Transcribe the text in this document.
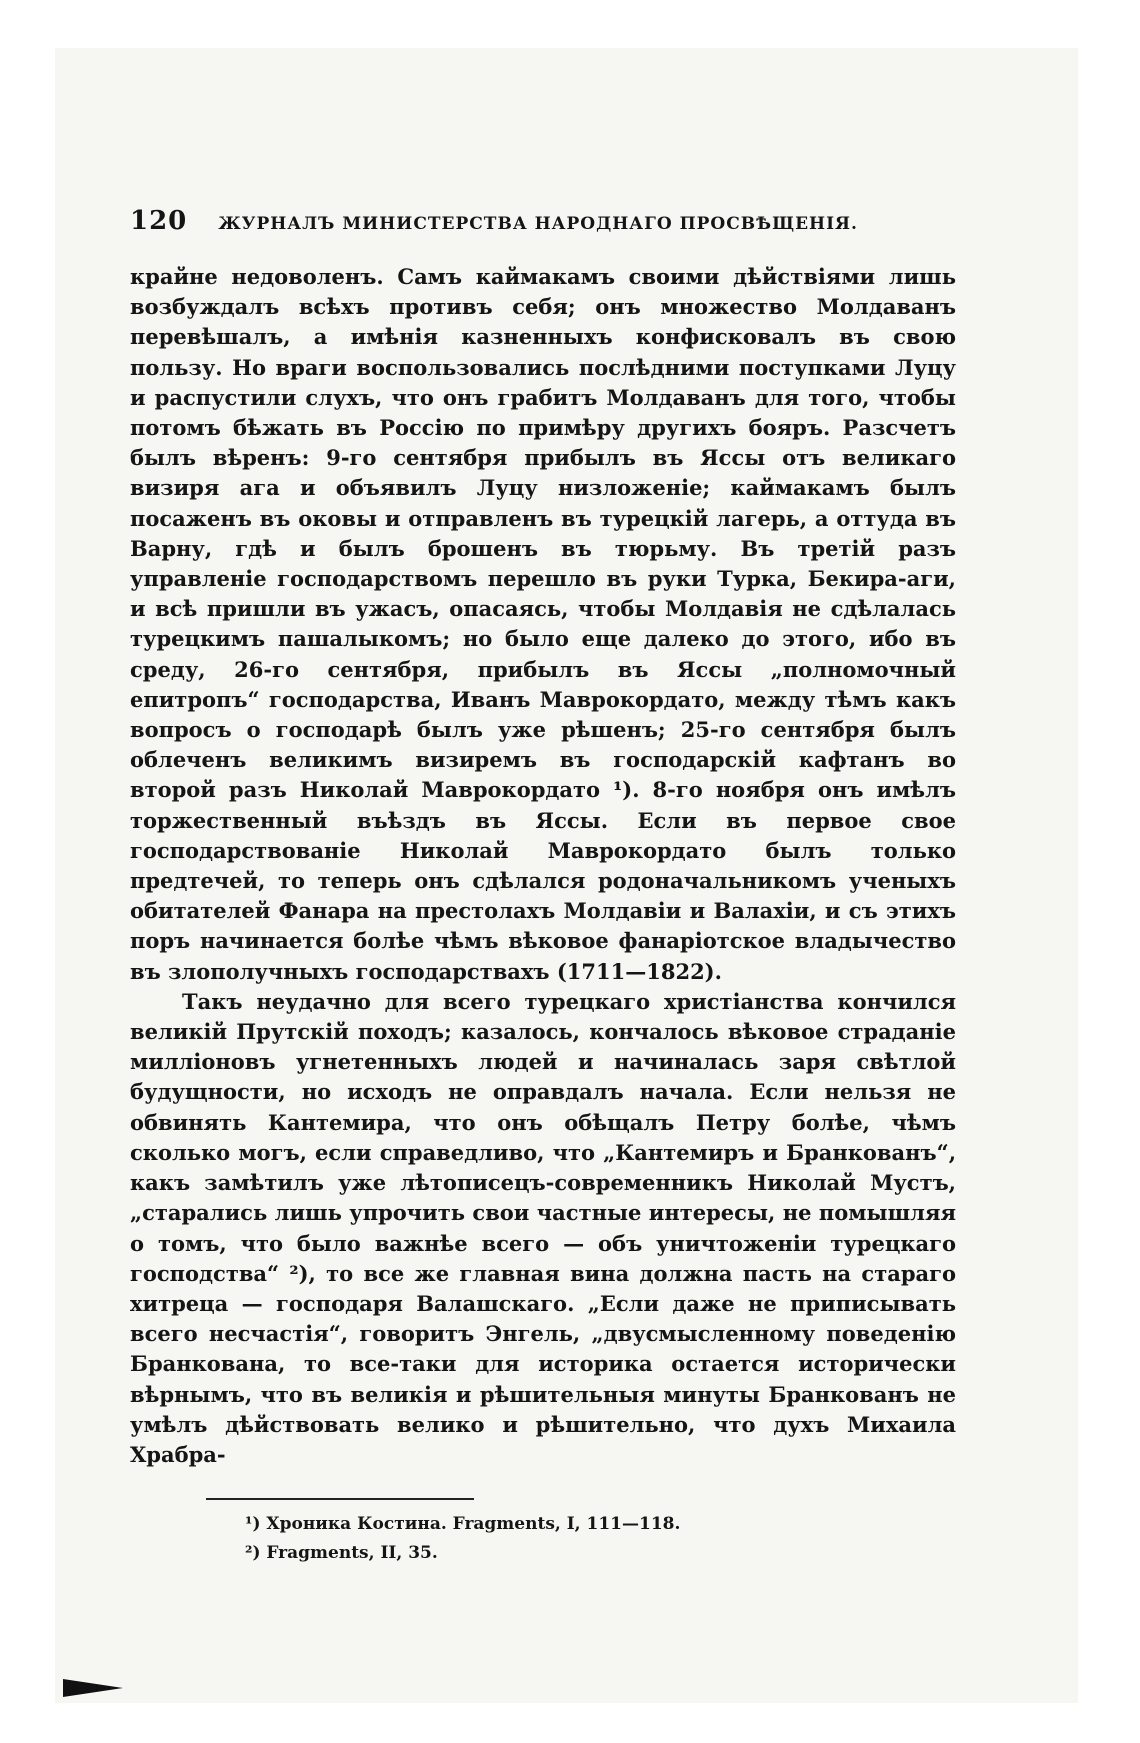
120 ЖУРНАЛЪ МИНИСТЕРСТВА НАРОДНАГО ПРОСВѢЩЕНІЯ.

крайне недоволенъ. Самъ каймакамъ своими дѣйствіями лишь возбуждалъ всѣхъ противъ себя; онъ множество Молдаванъ перевѣшалъ, а имѣнія казненныхъ конфисковалъ въ свою пользу. Но враги воспользовались послѣдними поступками Луцу и распустили слухъ, что онъ грабитъ Молдаванъ для того, чтобы потомъ бѣжать въ Россію по примѣру другихъ бояръ. Разсчетъ былъ вѣренъ: 9-го сентября прибылъ въ Яссы отъ великаго визиря ага и объявилъ Луцу низложеніе; каймакамъ былъ посаженъ въ оковы и отправленъ въ турецкій лагерь, а оттуда въ Варну, гдѣ и былъ брошенъ въ тюрьму. Въ третій разъ управленіе господарствомъ перешло въ руки Турка, Бекира-аги, и всѣ пришли въ ужасъ, опасаясь, чтобы Молдавія не сдѣлалась турецкимъ пашалыкомъ; но было еще далеко до этого, ибо въ среду, 26-го сентября, прибылъ въ Яссы „полномочный епитропъ“ господарства, Иванъ Маврокордато, между тѣмъ какъ вопросъ о господарѣ былъ уже рѣшенъ; 25-го сентября былъ облеченъ великимъ визиремъ въ господарскій кафтанъ во второй разъ Николай Маврокордато ¹). 8-го ноября онъ имѣлъ торжественный въѣздъ въ Яссы. Если въ первое свое господарствованіе Николай Маврокордато былъ только предтечей, то теперь онъ сдѣлался родоначальникомъ ученыхъ обитателей Фанара на престолахъ Молдавіи и Валахіи, и съ этихъ поръ начинается болѣе чѣмъ вѣковое фанаріотское владычество въ злополучныхъ господарствахъ (1711—1822).

Такъ неудачно для всего турецкаго христіанства кончился великій Прутскій походъ; казалось, кончалось вѣковое страданіе милліоновъ угнетенныхъ людей и начиналась заря свѣтлой будущности, но исходъ не оправдалъ начала. Если нельзя не обвинять Кантемира, что онъ обѣщалъ Петру болѣе, чѣмъ сколько могъ, если справедливо, что „Кантемиръ и Бранкованъ“, какъ замѣтилъ уже лѣтописецъ-современникъ Николай Мустъ, „старались лишь упрочить свои частные интересы, не помышляя о томъ, что было важнѣе всего — объ уничтоженіи турецкаго господства“ ²), то все же главная вина должна пасть на стараго хитреца — господаря Валашскаго. „Если даже не приписывать всего несчастія“, говоритъ Энгель, „двусмысленному поведенію Бранкована, то все-таки для историка остается исторически вѣрнымъ, что въ великія и рѣшительныя минуты Бранкованъ не умѣлъ дѣйствовать велико и рѣшительно, что духъ Михаила Храбра-

¹) Хроника Костина. Fragments, I, 111—118.
²) Fragments, II, 35.
